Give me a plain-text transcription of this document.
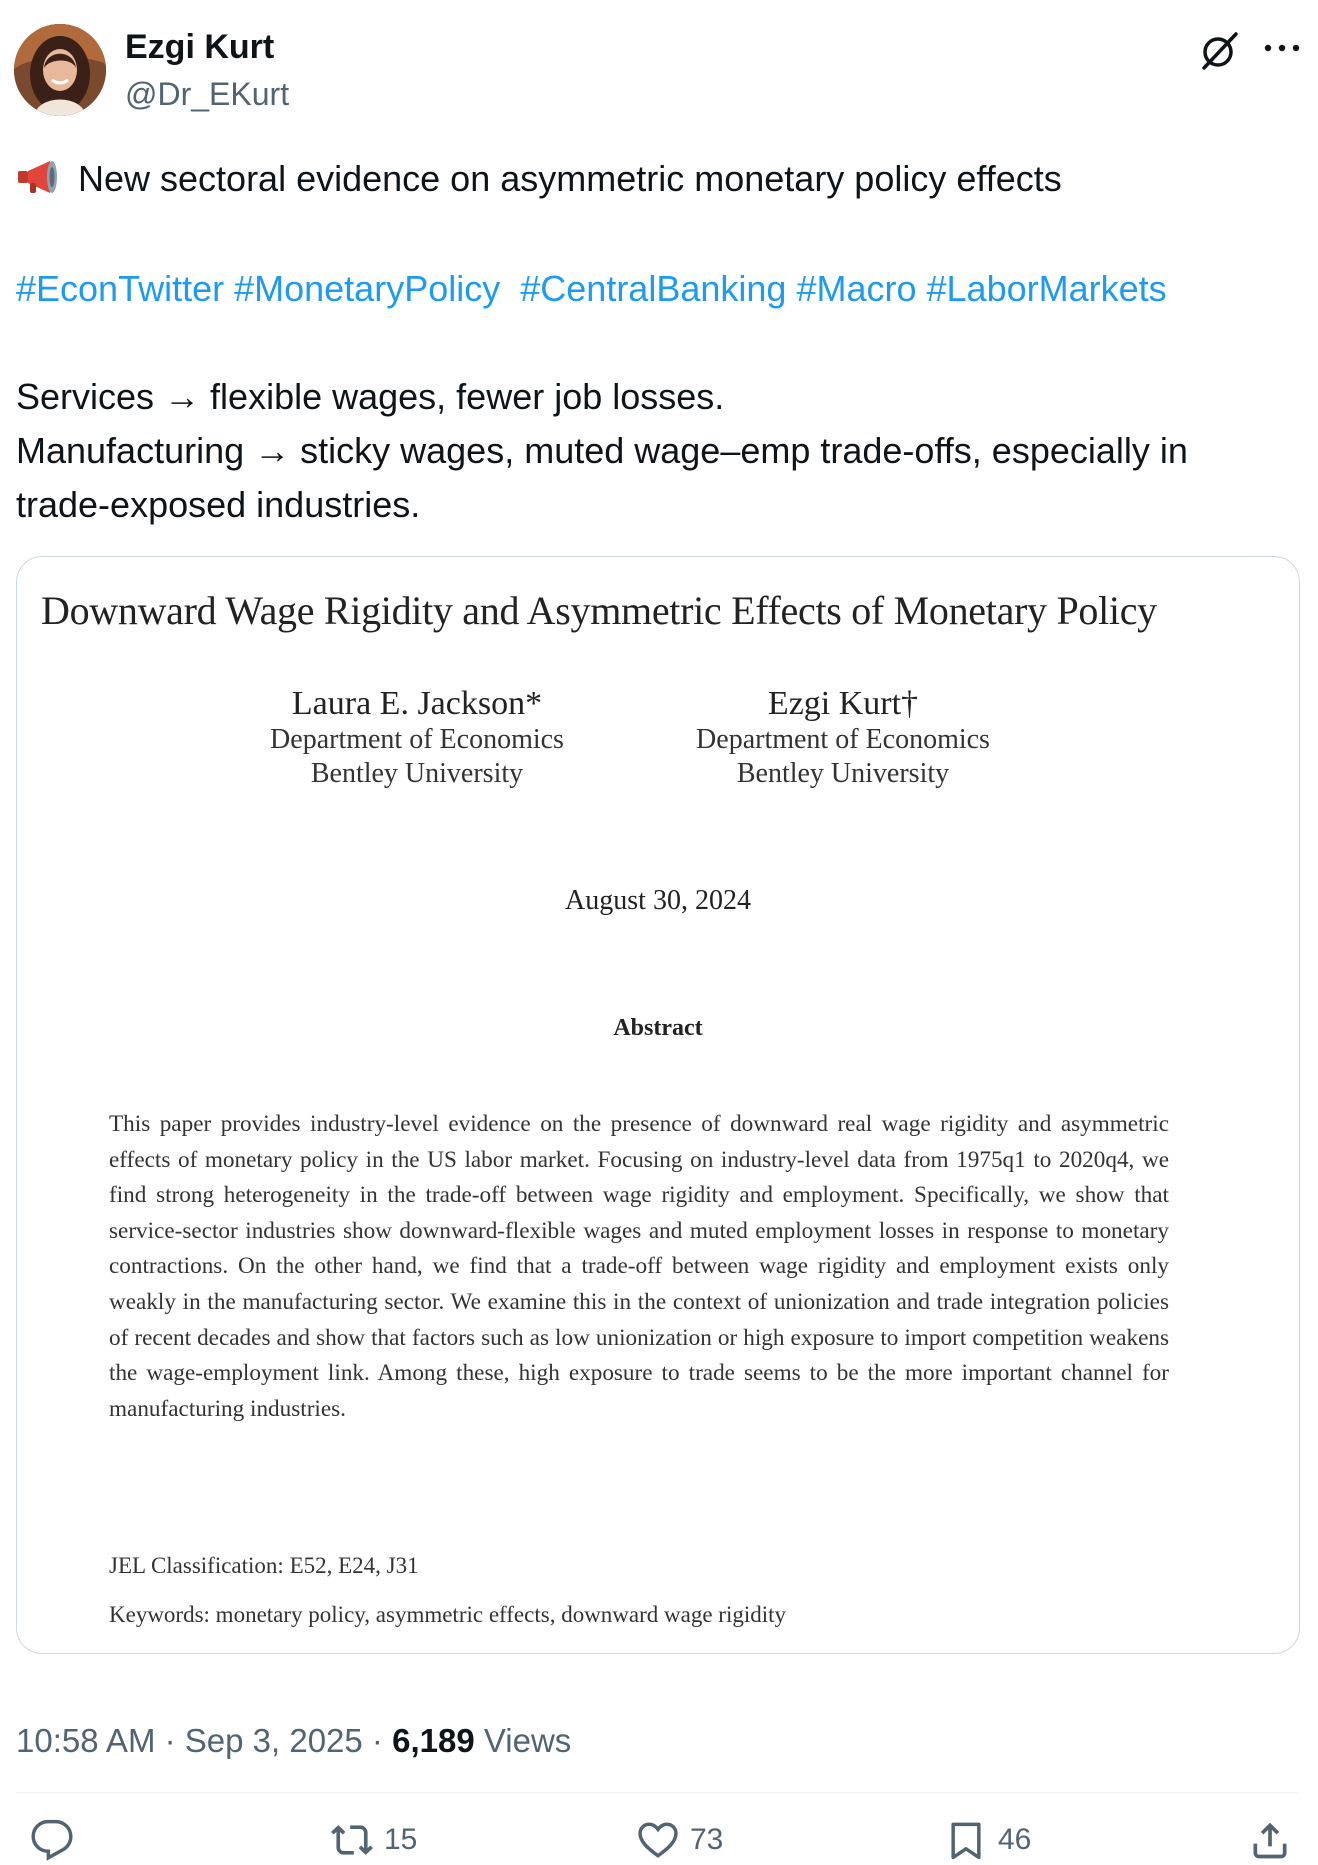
Ezgi Kurt
@Dr_EKurt
New sectoral evidence on asymmetric monetary policy effects
#EconTwitter #MonetaryPolicy #CentralBanking #Macro #LaborMarkets
Services → flexible wages, fewer job losses.
Manufacturing → sticky wages, muted wage–emp trade-offs, especially in
trade-exposed industries.
Downward Wage Rigidity and Asymmetric Effects of Monetary Policy
Laura E. Jackson*
Department of Economics
Bentley University
Ezgi Kurt†
Department of Economics
Bentley University
August 30, 2024
Abstract
This paper provides industry-level evidence on the presence of downward real wage rigidity and asymmetric effects of monetary policy in the US labor market. Focusing on industry-level data from 1975q1 to 2020q4, we find strong heterogeneity in the trade-off between wage rigidity and employment. Specifically, we show that service-sector industries show downward-flexible wages and muted employment losses in response to monetary contractions. On the other hand, we find that a trade-off between wage rigidity and employment exists only weakly in the manufacturing sector. We examine this in the context of unionization and trade integration policies of recent decades and show that factors such as low unionization or high exposure to import competition weakens the wage-employment link. Among these, high exposure to trade seems to be the more important channel for manufacturing industries.
JEL Classification: E52, E24, J31
Keywords: monetary policy, asymmetric effects, downward wage rigidity
10:58 AM · Sep 3, 2025 · 6,189 Views
15	73	46
